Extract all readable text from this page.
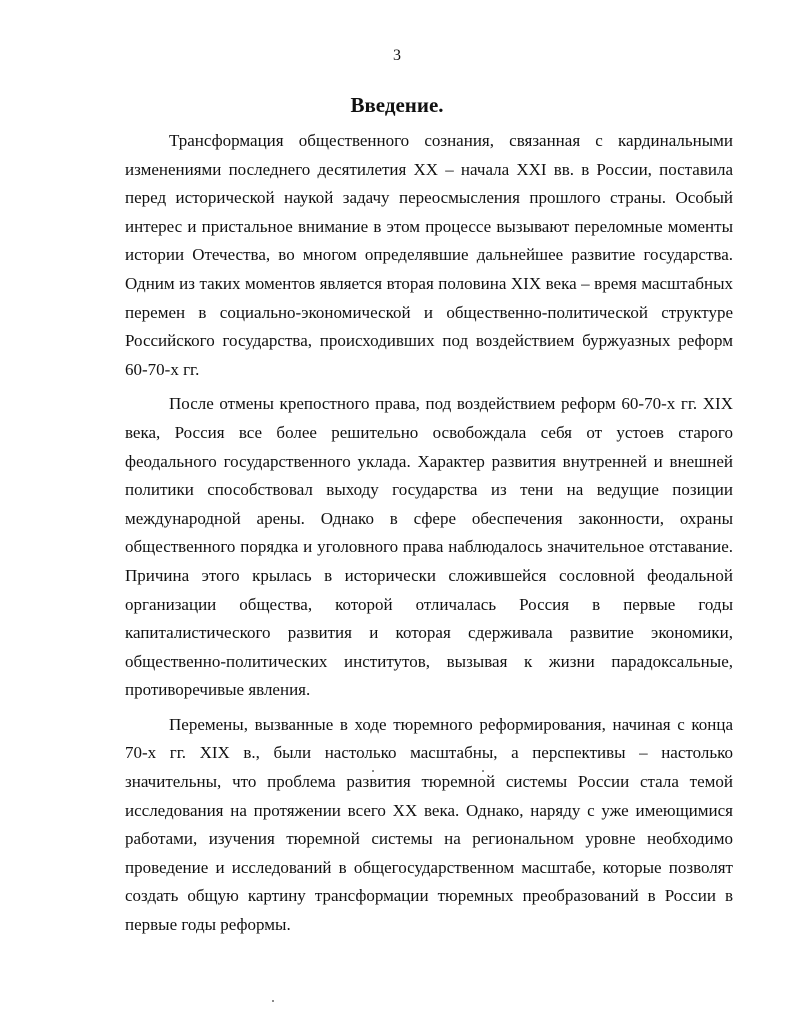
3
Введение.

Трансформация общественного сознания, связанная с кардинальными изменениями последнего десятилетия XX – начала XXI вв. в России, поставила перед исторической наукой задачу переосмысления прошлого страны. Особый интерес и пристальное внимание в этом процессе вызывают переломные моменты истории Отечества, во многом определявшие дальнейшее развитие государства. Одним из таких моментов является вторая половина XIX века – время масштабных перемен в социально-экономической и общественно-политической структуре Российского государства, происходивших под воздействием буржуазных реформ 60-70-х гг.

После отмены крепостного права, под воздействием реформ 60-70-х гг. XIX века, Россия все более решительно освобождала себя от устоев старого феодального государственного уклада. Характер развития внутренней и внешней политики способствовал выходу государства из тени на ведущие позиции международной арены. Однако в сфере обеспечения законности, охраны общественного порядка и уголовного права наблюдалось значительное отставание. Причина этого крылась в исторически сложившейся сословной феодальной организации общества, которой отличалась Россия в первые годы капиталистического развития и которая сдерживала развитие экономики, общественно-политических институтов, вызывая к жизни парадоксальные, противоречивые явления.

Перемены, вызванные в ходе тюремного реформирования, начиная с конца 70-х гг. XIX в., были настолько масштабны, а перспективы – настолько значительны, что проблема развития тюремной системы России стала темой исследования на протяжении всего XX века. Однако, наряду с уже имеющимися работами, изучения тюремной системы на региональном уровне необходимо проведение и исследований в общегосударственном масштабе, которые позволят создать общую картину трансформации тюремных преобразований в России в первые годы реформы.
